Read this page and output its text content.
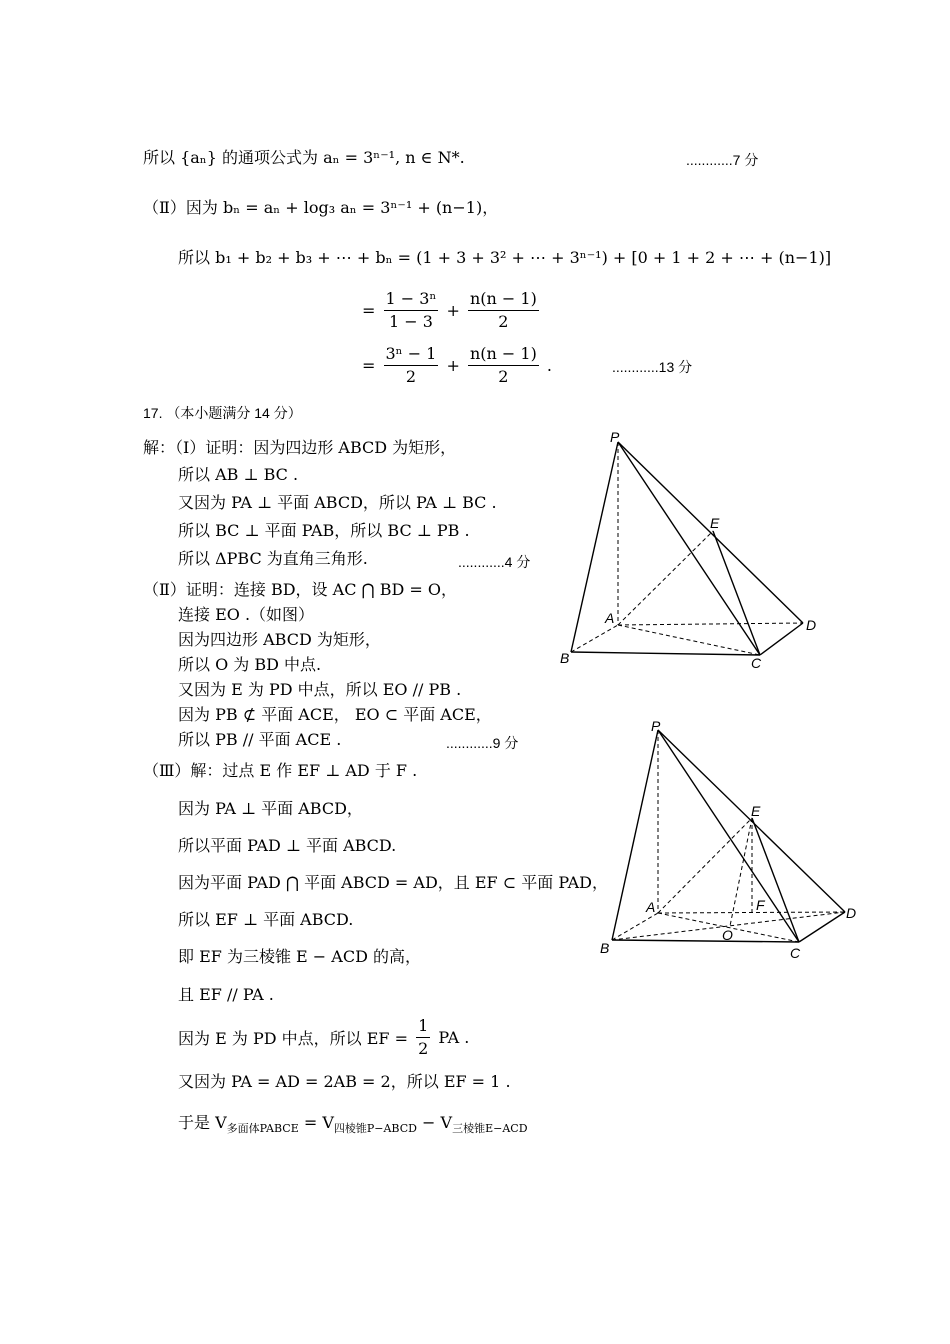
所以 {aₙ} 的通项公式为 aₙ = 3ⁿ⁻¹, n ∈ N*.	............7 分
（Ⅱ）因为 bₙ = aₙ + log₃ aₙ = 3ⁿ⁻¹ + (n−1)，
所以 b₁ + b₂ + b₃ + ⋯ + bₙ = (1 + 3 + 3² + ⋯ + 3ⁿ⁻¹) + [0 + 1 + 2 + ⋯ + (n−1)]
= $\frac{\text{1 − 3ⁿ}}{1 - 3} + \frac{n(n - 1)}{2}$
= $\frac{\text{3ⁿ − 1}}{2} + \frac{n(n - 1)}{2}$ .	............13 分
17. （本小题满分 14 分）
解：（Ⅰ）证明：因为四边形 ABCD 为矩形，
所以 AB ⊥ BC .
又因为 PA ⊥ 平面 ABCD，所以 PA ⊥ BC .
所以 BC ⊥ 平面 PAB，所以 BC ⊥ PB .
所以 ΔPBC 为直角三角形.	............4 分
（Ⅱ）证明：连接 BD，设 AC ⋂ BD = O，
连接 EO .（如图）
因为四边形 ABCD 为矩形，
所以 O 为 BD 中点.
又因为 E 为 PD 中点，所以 EO // PB .
因为 PB ⊄ 平面 ACE， EO ⊂ 平面 ACE，
所以 PB // 平面 ACE .	............9 分
（Ⅲ）解：过点 E 作 EF ⊥ AD 于 F .
因为 PA ⊥ 平面 ABCD，
所以平面 PAD ⊥ 平面 ABCD.
因为平面 PAD ⋂ 平面 ABCD = AD，且 EF ⊂ 平面 PAD，
所以 EF ⊥ 平面 ABCD.
即 EF 为三棱锥 E − ACD 的高，
且 EF // PA .
因为 E 为 PD 中点，所以 EF = $\frac{1}{2}$ PA .
又因为 PA = AD = 2AB = 2，所以 EF = 1 .
于是 $V_{多面体PABCE} = V_{四棱锥P-ABCD} - V_{三棱锥E-ACD}$
P
E
A	D
B	C
P
E
A	F	D
O
B	C
